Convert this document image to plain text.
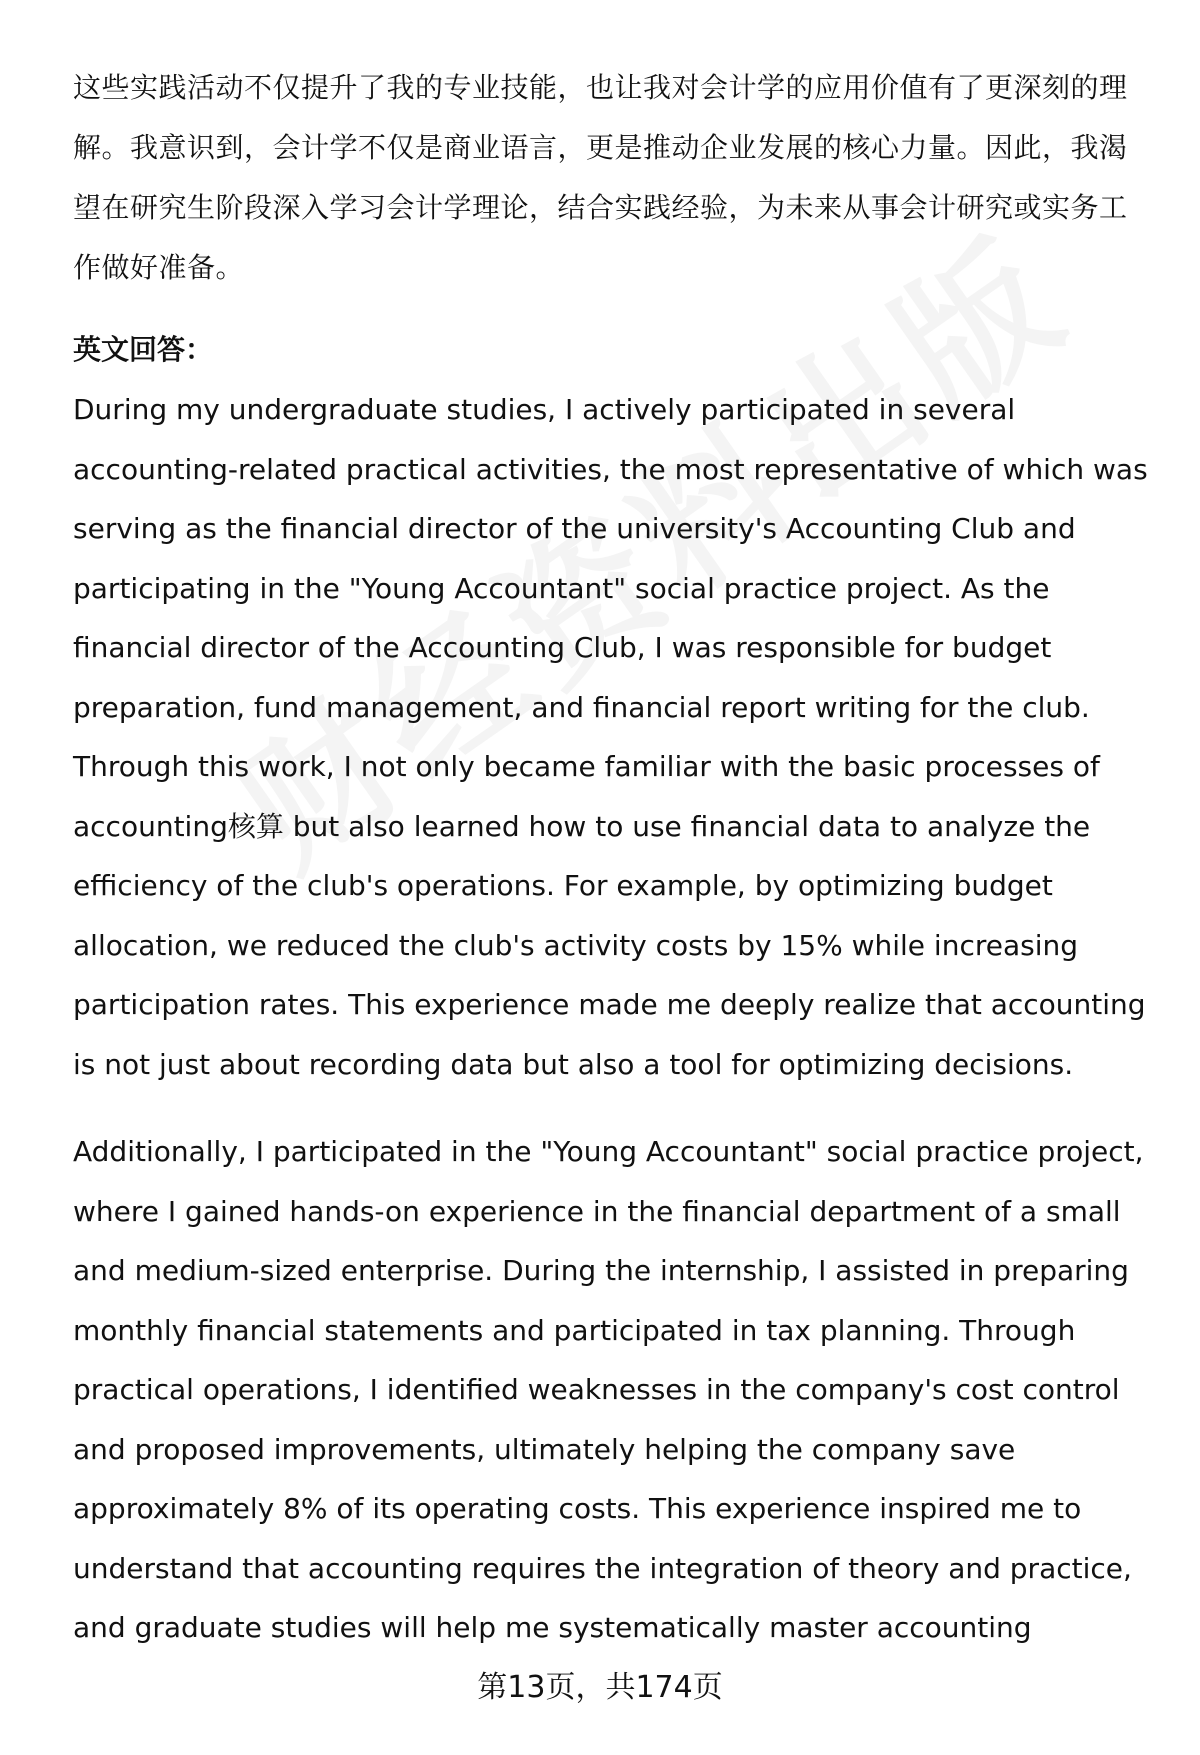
这些实践活动不仅提升了我的专业技能，也让我对会计学的应用价值有了更深刻的理解。我意识到，会计学不仅是商业语言，更是推动企业发展的核心力量。因此，我渴望在研究生阶段深入学习会计学理论，结合实践经验，为未来从事会计研究或实务工作做好准备。

英文回答：

During my undergraduate studies, I actively participated in several accounting-related practical activities, the most representative of which was serving as the financial director of the university's Accounting Club and participating in the "Young Accountant" social practice project. As the financial director of the Accounting Club, I was responsible for budget preparation, fund management, and financial report writing for the club. Through this work, I not only became familiar with the basic processes of accounting核算 but also learned how to use financial data to analyze the efficiency of the club's operations. For example, by optimizing budget allocation, we reduced the club's activity costs by 15% while increasing participation rates. This experience made me deeply realize that accounting is not just about recording data but also a tool for optimizing decisions.

Additionally, I participated in the "Young Accountant" social practice project, where I gained hands-on experience in the financial department of a small and medium-sized enterprise. During the internship, I assisted in preparing monthly financial statements and participated in tax planning. Through practical operations, I identified weaknesses in the company's cost control and proposed improvements, ultimately helping the company save approximately 8% of its operating costs. This experience inspired me to understand that accounting requires the integration of theory and practice, and graduate studies will help me systematically master accounting

第13页，共174页
